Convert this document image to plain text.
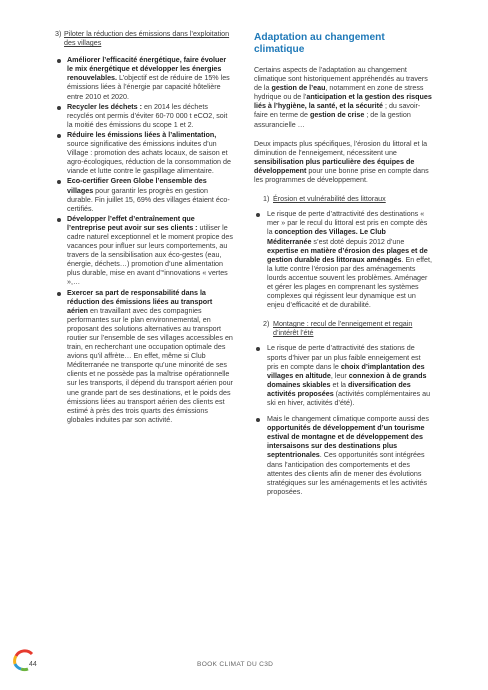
3) Piloter la réduction des émissions dans l’exploitation des villages
Améliorer l’efficacité énergétique, faire évoluer le mix énergétique et développer les énergies renouvelables. L’objectif est de réduire de 15% les émissions liées à l’énergie par capacité hôtelière entre 2010 et 2020.
Recycler les déchets : en 2014 les déchets recyclés ont permis d’éviter 60-70 000 t eCO2, soit la moitié des émissions du scope 1 et 2.
Réduire les émissions liées à l’alimentation, source significative des émissions induites d’un Village : promotion des achats locaux, de saison et agro-écologiques, réduction de la consommation de viande et lutte contre le gaspillage alimentaire.
Eco-certifier Green Globe l’ensemble des villages pour garantir les progrès en gestion durable. Fin juillet 15, 69% des villages étaient éco-certifiés.
Développer l’effet d’entraînement que l’entreprise peut avoir sur ses clients : utiliser le cadre naturel exceptionnel et le moment propice des vacances pour influer sur leurs comportements, au travers de la sensibilisation aux éco-gestes (eau, énergie, déchets…) promotion d’une alimentation plus durable, mise en avant d’“innovations « vertes »,…
Exercer sa part de responsabilité dans la réduction des émissions liées au transport aérien en travaillant avec des compagnies performantes sur le plan environnemental, en proposant des solutions alternatives au transport routier sur l’ensemble de ses villages accessibles en train, en recherchant une occupation optimale des avions qu’il affrète… En effet, même si Club Méditerranée ne transporte qu’une minorité de ses clients et ne possède pas la maîtrise opérationnelle sur les transports, il dépend du transport aérien pour une grande part de ses destinations, et le poids des émissions liées au transport aérien des clients est estimé à près des trois quarts des émissions globales induites par son activité.
Adaptation au changement climatique

Certains aspects de l’adaptation au changement climatique sont historiquement appréhendés au travers de la gestion de l’eau, notamment en zone de stress hydrique ou de l’anticipation et la gestion des risques liés à l’hygiène, la santé, et la sécurité ; du savoir-faire en terme de gestion de crise ; de la gestion assurancielle …

Deux impacts plus spécifiques, l’érosion du littoral et la diminution de l’enneigement, nécessitent une sensibilisation plus particulière des équipes de développement pour une bonne prise en compte dans les programmes de développement.

1) Érosion et vulnérabilité des littoraux
Le risque de perte d’attractivité des destinations « mer » par le recul du littoral est pris en compte dès la conception des Villages. Le Club Méditerranée s’est doté depuis 2012 d’une expertise en matière d’érosion des plages et de gestion durable des littoraux aménagés. En effet, la lutte contre l’érosion par des aménagements lourds accentue souvent les problèmes. Aménager et gérer les plages en comprenant les systèmes complexes qui régissent leur dynamique est un enjeu d’efficacité et de durabilité.
2) Montagne : recul de l’enneigement et regain d’intérêt l’été
Le risque de perte d’attractivité des stations de sports d’hiver par un plus faible enneigement est pris en compte dans le choix d’implantation des villages en altitude, leur connexion à de grands domaines skiables et la diversification des activités proposées (activités complémentaires au ski en hiver, activités d’été).
Mais le changement climatique comporte aussi des opportunités de développement d’un tourisme estival de montagne et de développement des intersaisons sur des destinations plus septentrionales. Ces opportunités sont intégrées dans l’anticipation des comportements et des attentes des clients afin de mener des évolutions stratégiques sur les aménagements et les activités proposées.
44	BOOK CLIMAT DU C3D
